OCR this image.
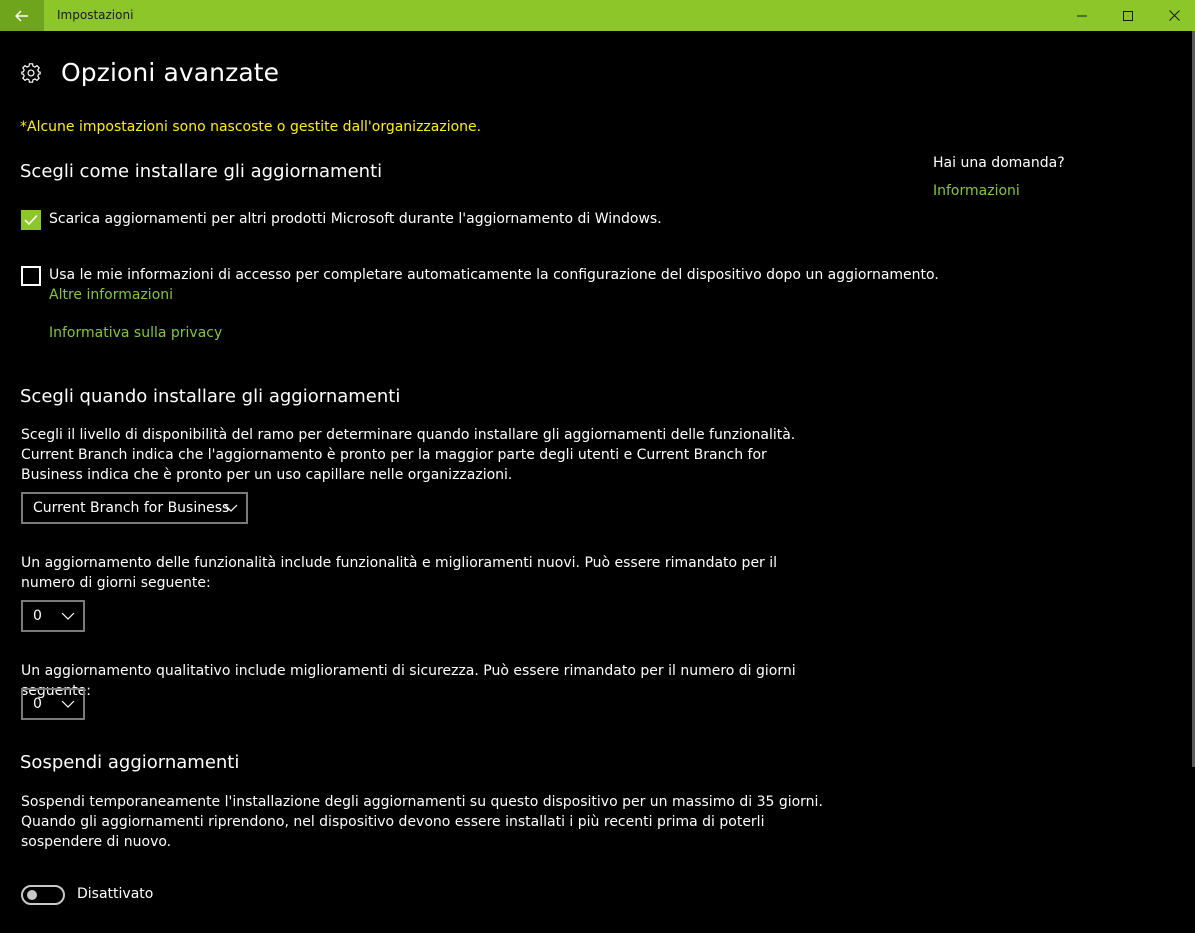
Impostazioni
Opzioni avanzate
*Alcune impostazioni sono nascoste o gestite dall'organizzazione.
Scegli come installare gli aggiornamenti
Scarica aggiornamenti per altri prodotti Microsoft durante l'aggiornamento di Windows.
Usa le mie informazioni di accesso per completare automaticamente la configurazione del dispositivo dopo un aggiornamento.
Altre informazioni
Informativa sulla privacy
Scegli quando installare gli aggiornamenti

Scegli il livello di disponibilità del ramo per determinare quando installare gli aggiornamenti delle funzionalità. Current Branch indica che l'aggiornamento è pronto per la maggior parte degli utenti e Current Branch for Business indica che è pronto per un uso capillare nelle organizzazioni.

Current Branch for Business

Un aggiornamento delle funzionalità include funzionalità e miglioramenti nuovi. Può essere rimandato per il numero di giorni seguente:

0

Un aggiornamento qualitativo include miglioramenti di sicurezza. Può essere rimandato per il numero di giorni seguente:

0
Sospendi aggiornamenti

Sospendi temporaneamente l'installazione degli aggiornamenti su questo dispositivo per un massimo di 35 giorni. Quando gli aggiornamenti riprendono, nel dispositivo devono essere installati i più recenti prima di poterli sospendere di nuovo.

Disattivato
Hai una domanda?
Informazioni
